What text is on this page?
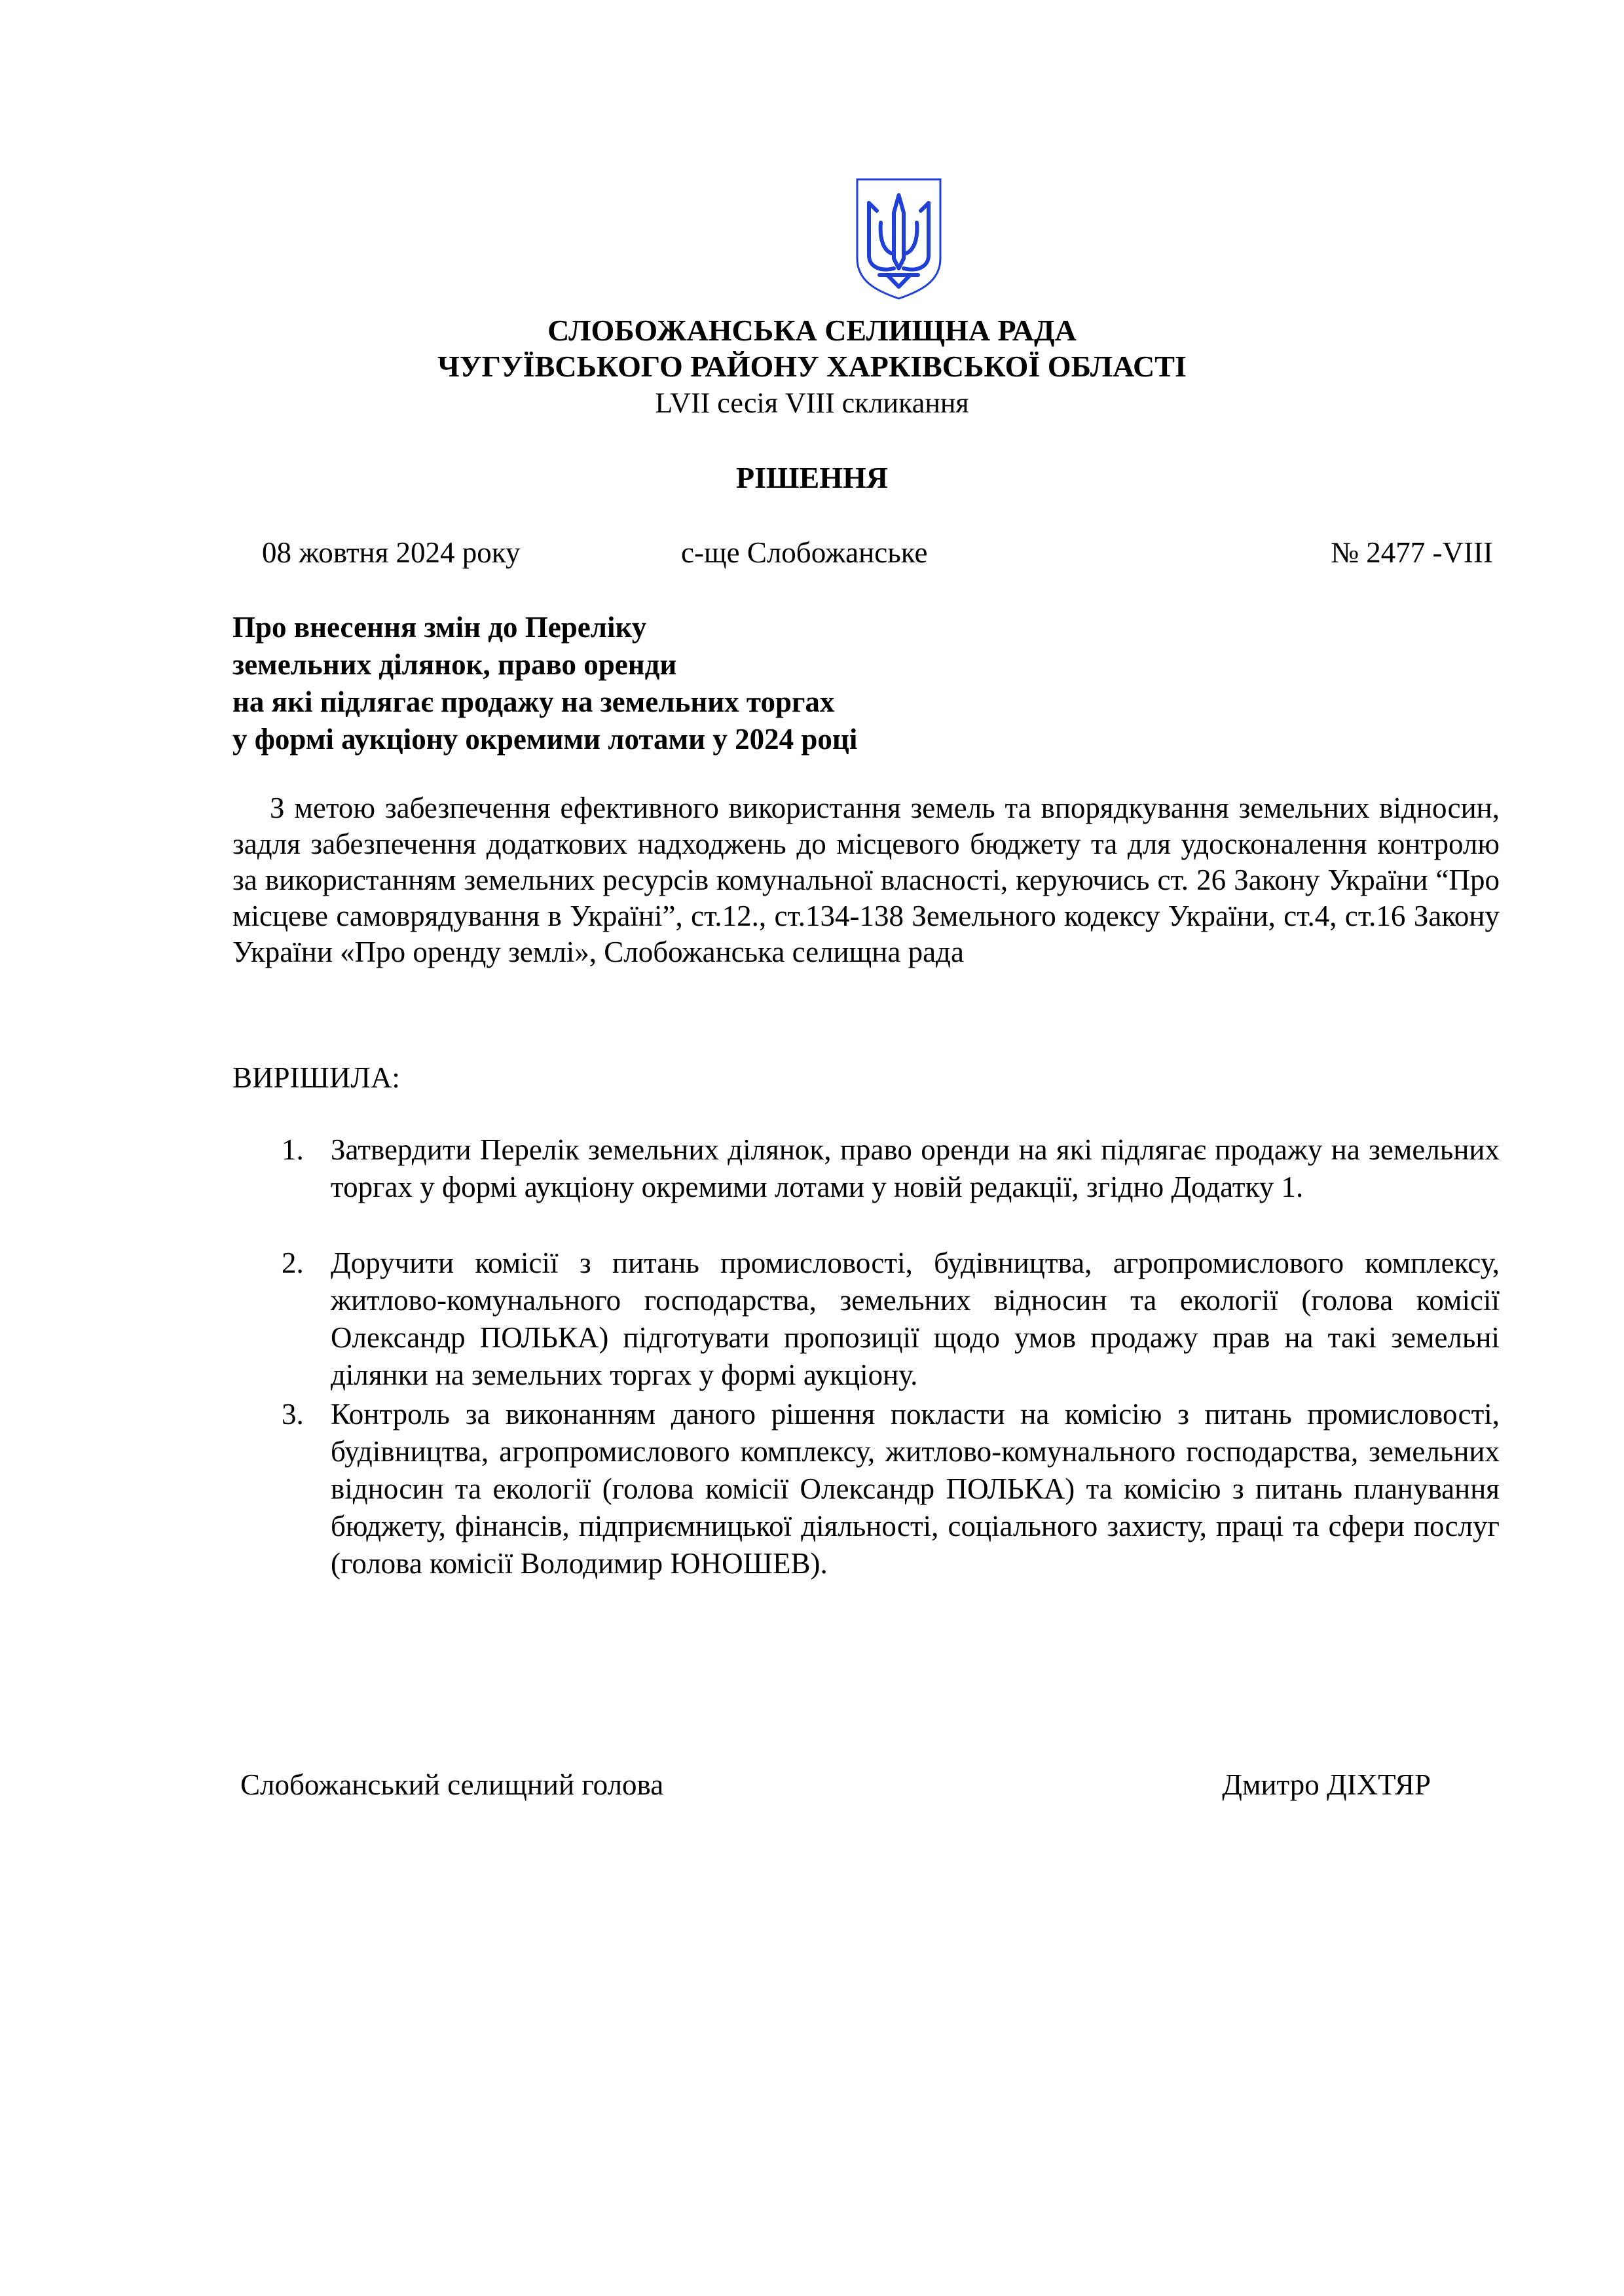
СЛОБОЖАНСЬКА СЕЛИЩНА РАДА
ЧУГУЇВСЬКОГО РАЙОНУ ХАРКІВСЬКОЇ ОБЛАСТІ
LVII сесія VIII скликання
РІШЕННЯ
08 жовтня 2024 року	с-ще Слобожанське	№ 2477 -VIII
Про внесення змін до Переліку
земельних ділянок, право оренди
на які підлягає продажу на земельних торгах
у формі аукціону окремими лотами у 2024 році
З метою забезпечення ефективного використання земель та впорядкування земельних відносин, задля забезпечення додаткових надходжень до місцевого бюджету та для удосконалення контролю за використанням земельних ресурсів комунальної власності, керуючись ст. 26 Закону України “Про місцеве самоврядування в Україні”, ст.12., ст.134-138 Земельного кодексу України, ст.4, ст.16 Закону України «Про оренду землі», Слобожанська селищна рада
ВИРІШИЛА:
1. Затвердити Перелік земельних ділянок, право оренди на які підлягає продажу на земельних торгах у формі аукціону окремими лотами у новій редакції, згідно Додатку 1.
2. Доручити комісії з питань промисловості, будівництва, агропромислового комплексу, житлово-комунального господарства, земельних відносин та екології (голова комісії Олександр ПОЛЬКА) підготувати пропозиції щодо умов продажу прав на такі земельні ділянки на земельних торгах у формі аукціону.
3. Контроль за виконанням даного рішення покласти на комісію з питань промисловості, будівництва, агропромислового комплексу, житлово-комунального господарства, земельних відносин та екології (голова комісії Олександр ПОЛЬКА) та комісію з питань планування бюджету, фінансів, підприємницької діяльності, соціального захисту, праці та сфери послуг (голова комісії Володимир ЮНОШЕВ).
Слобожанський селищний голова	Дмитро ДІХТЯР
